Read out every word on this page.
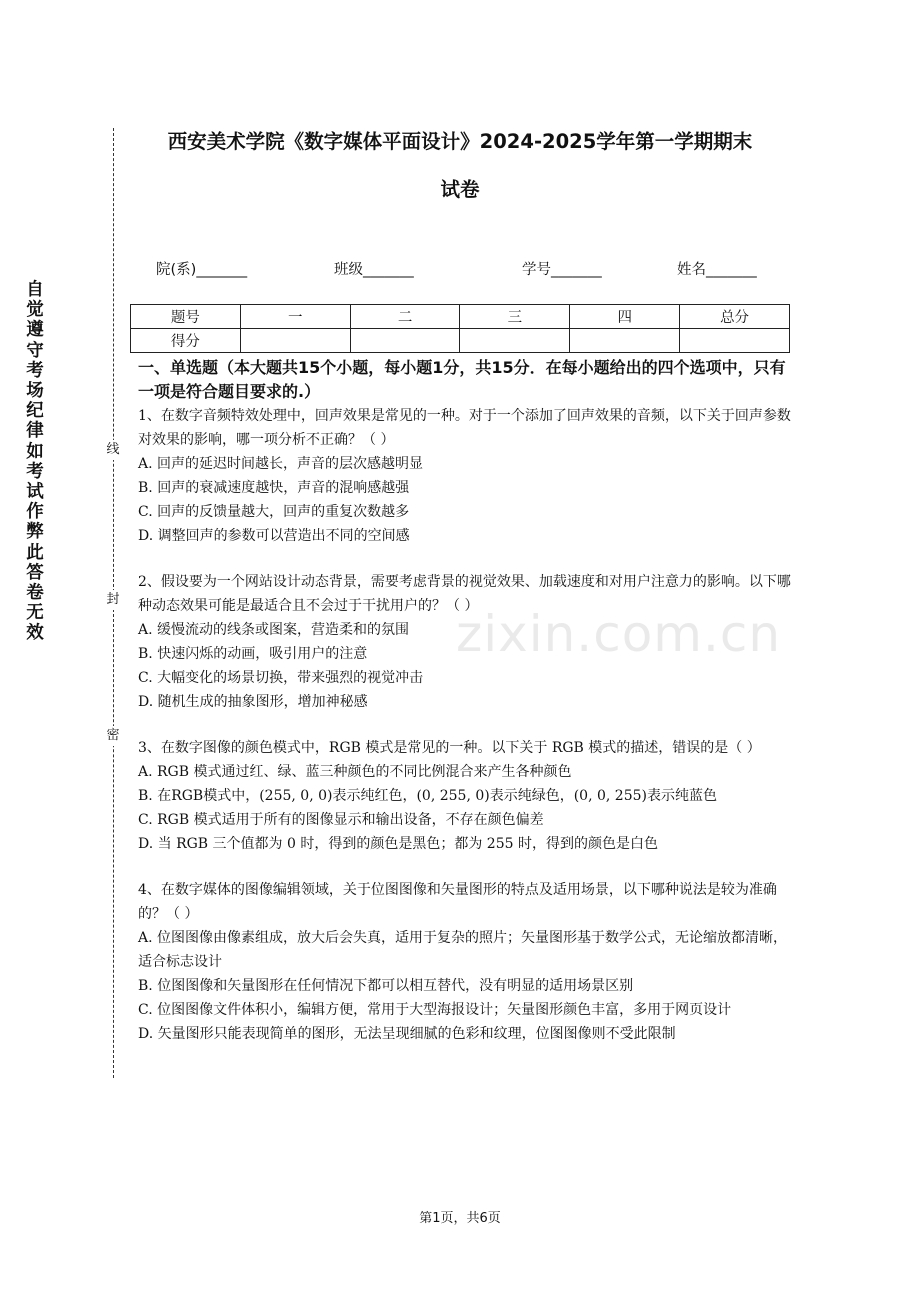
自觉遵守考场纪律如考试作弊此答卷无效
线
封
密
西安美术学院《数字媒体平面设计》2024-2025学年第一学期期末
试卷
院(系)_______	班级_______	学号_______	姓名_______
题号	一	二	三	四	总分
得分					
一、单选题（本大题共15个小题，每小题1分，共15分．在每小题给出的四个选项中，只有一项是符合题目要求的.）

1、在数字音频特效处理中，回声效果是常见的一种。对于一个添加了回声效果的音频，以下关于回声参数对效果的影响，哪一项分析不正确？（ ）

A. 回声的延迟时间越长，声音的层次感越明显

B. 回声的衰减速度越快，声音的混响感越强

C. 回声的反馈量越大，回声的重复次数越多

D. 调整回声的参数可以营造出不同的空间感

2、假设要为一个网站设计动态背景，需要考虑背景的视觉效果、加载速度和对用户注意力的影响。以下哪种动态效果可能是最适合且不会过于干扰用户的？（ ）

A. 缓慢流动的线条或图案，营造柔和的氛围

B. 快速闪烁的动画，吸引用户的注意

C. 大幅变化的场景切换，带来强烈的视觉冲击

D. 随机生成的抽象图形，增加神秘感

3、在数字图像的颜色模式中，RGB 模式是常见的一种。以下关于 RGB 模式的描述，错误的是（ ）

A. RGB 模式通过红、绿、蓝三种颜色的不同比例混合来产生各种颜色

B. 在RGB模式中，(255, 0, 0)表示纯红色，(0, 255, 0)表示纯绿色，(0, 0, 255)表示纯蓝色

C. RGB 模式适用于所有的图像显示和输出设备，不存在颜色偏差

D. 当 RGB 三个值都为 0 时，得到的颜色是黑色；都为 255 时，得到的颜色是白色

4、在数字媒体的图像编辑领域，关于位图图像和矢量图形的特点及适用场景，以下哪种说法是较为准确的？（ ）

A. 位图图像由像素组成，放大后会失真，适用于复杂的照片；矢量图形基于数学公式，无论缩放都清晰，适合标志设计

B. 位图图像和矢量图形在任何情况下都可以相互替代，没有明显的适用场景区别

C. 位图图像文件体积小，编辑方便，常用于大型海报设计；矢量图形颜色丰富，多用于网页设计

D. 矢量图形只能表现简单的图形，无法呈现细腻的色彩和纹理，位图图像则不受此限制

zixin.com.cn
第1页，共6页
